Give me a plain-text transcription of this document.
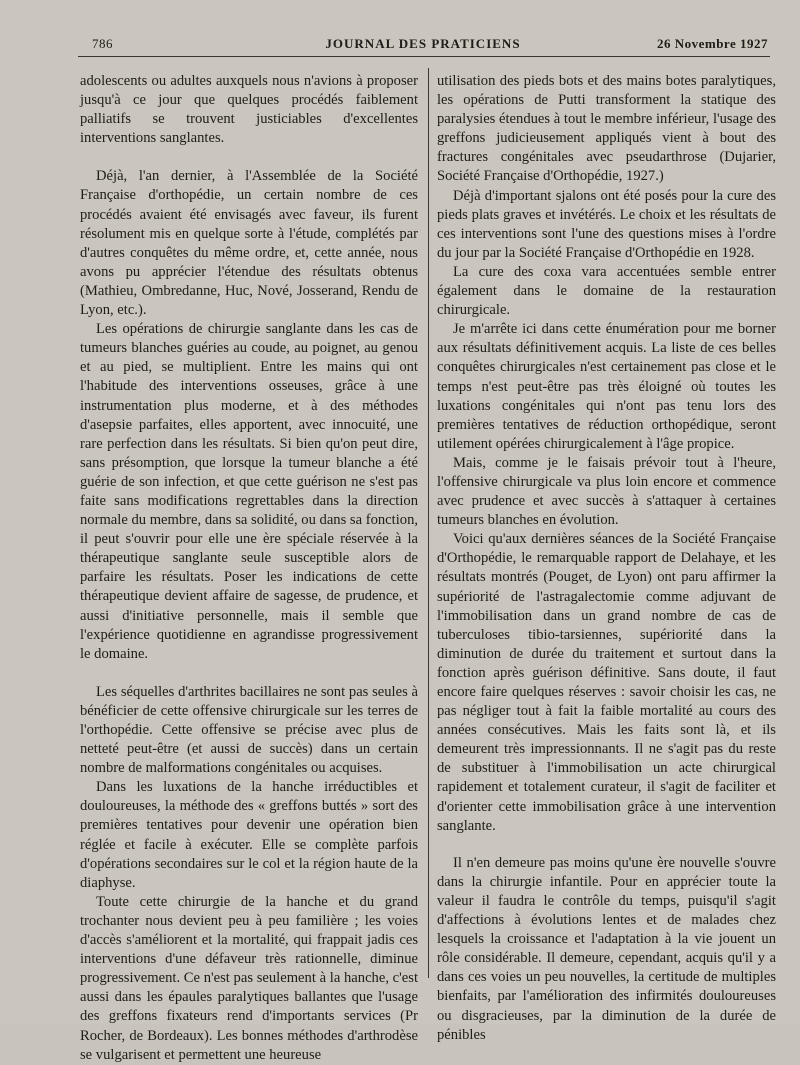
786	JOURNAL DES PRATICIENS	26 Novembre 1927

adolescents ou adultes auxquels nous n'avions à proposer jusqu'à ce jour que quelques procédés faiblement palliatifs se trouvent justiciables d'excellentes interventions sanglantes.

Déjà, l'an dernier, à l'Assemblée de la Société Française d'orthopédie, un certain nombre de ces procédés avaient été envisagés avec faveur, ils furent résolument mis en quelque sorte à l'étude, complétés par d'autres conquêtes du même ordre, et, cette année, nous avons pu apprécier l'étendue des résultats obtenus (Mathieu, Ombredanne, Huc, Nové, Josserand, Rendu de Lyon, etc.).

Les opérations de chirurgie sanglante dans les cas de tumeurs blanches guéries au coude, au poignet, au genou et au pied, se multiplient. Entre les mains qui ont l'habitude des interventions osseuses, grâce à une instrumentation plus moderne, et à des méthodes d'asepsie parfaites, elles apportent, avec innocuité, une rare perfection dans les résultats. Si bien qu'on peut dire, sans présomption, que lorsque la tumeur blanche a été guérie de son infection, et que cette guérison ne s'est pas faite sans modifications regrettables dans la direction normale du membre, dans sa solidité, ou dans sa fonction, il peut s'ouvrir pour elle une ère spéciale réservée à la thérapeutique sanglante seule susceptible alors de parfaire les résultats. Poser les indications de cette thérapeutique devient affaire de sagesse, de prudence, et aussi d'initiative personnelle, mais il semble que l'expérience quotidienne en agrandisse progressivement le domaine.

Les séquelles d'arthrites bacillaires ne sont pas seules à bénéficier de cette offensive chirurgicale sur les terres de l'orthopédie. Cette offensive se précise avec plus de netteté peut-être (et aussi de succès) dans un certain nombre de malformations congénitales ou acquises.

Dans les luxations de la hanche irréductibles et douloureuses, la méthode des « greffons buttés » sort des premières tentatives pour devenir une opération bien réglée et facile à exécuter. Elle se complète parfois d'opérations secondaires sur le col et la région haute de la diaphyse.

Toute cette chirurgie de la hanche et du grand trochanter nous devient peu à peu familière ; les voies d'accès s'améliorent et la mortalité, qui frappait jadis ces interventions d'une défaveur très rationnelle, diminue progressivement. Ce n'est pas seulement à la hanche, c'est aussi dans les épaules paralytiques ballantes que l'usage des greffons fixateurs rend d'importants services (Pr Rocher, de Bordeaux). Les bonnes méthodes d'arthrodèse se vulgarisent et permettent une heureuse

utilisation des pieds bots et des mains botes paralytiques, les opérations de Putti transforment la statique des paralysies étendues à tout le membre inférieur, l'usage des greffons judicieusement appliqués vient à bout des fractures congénitales avec pseudarthrose (Dujarier, Société Française d'Orthopédie, 1927.)

Déjà d'important sjalons ont été posés pour la cure des pieds plats graves et invétérés. Le choix et les résultats de ces interventions sont l'une des questions mises à l'ordre du jour par la Société Française d'Orthopédie en 1928.

La cure des coxa vara accentuées semble entrer également dans le domaine de la restauration chirurgicale.

Je m'arrête ici dans cette énumération pour me borner aux résultats définitivement acquis. La liste de ces belles conquêtes chirurgicales n'est certainement pas close et le temps n'est peut-être pas très éloigné où toutes les luxations congénitales qui n'ont pas tenu lors des premières tentatives de réduction orthopédique, seront utilement opérées chirurgicalement à l'âge propice.

Mais, comme je le faisais prévoir tout à l'heure, l'offensive chirurgicale va plus loin encore et commence avec prudence et avec succès à s'attaquer à certaines tumeurs blanches en évolution.

Voici qu'aux dernières séances de la Société Française d'Orthopédie, le remarquable rapport de Delahaye, et les résultats montrés (Pouget, de Lyon) ont paru affirmer la supériorité de l'astragalectomie comme adjuvant de l'immobilisation dans un grand nombre de cas de tuberculoses tibio-tarsiennes, supériorité dans la diminution de durée du traitement et surtout dans la fonction après guérison définitive. Sans doute, il faut encore faire quelques réserves : savoir choisir les cas, ne pas négliger tout à fait la faible mortalité au cours des années consécutives. Mais les faits sont là, et ils demeurent très impressionnants. Il ne s'agit pas du reste de substituer à l'immobilisation un acte chirurgical rapidement et totalement curateur, il s'agit de faciliter et d'orienter cette immobilisation grâce à une intervention sanglante.

Il n'en demeure pas moins qu'une ère nouvelle s'ouvre dans la chirurgie infantile. Pour en apprécier toute la valeur il faudra le contrôle du temps, puisqu'il s'agit d'affections à évolutions lentes et de malades chez lesquels la croissance et l'adaptation à la vie jouent un rôle considérable. Il demeure, cependant, acquis qu'il y a dans ces voies un peu nouvelles, la certitude de multiples bienfaits, par l'amélioration des infirmités douloureuses ou disgracieuses, par la diminution de la durée de pénibles
